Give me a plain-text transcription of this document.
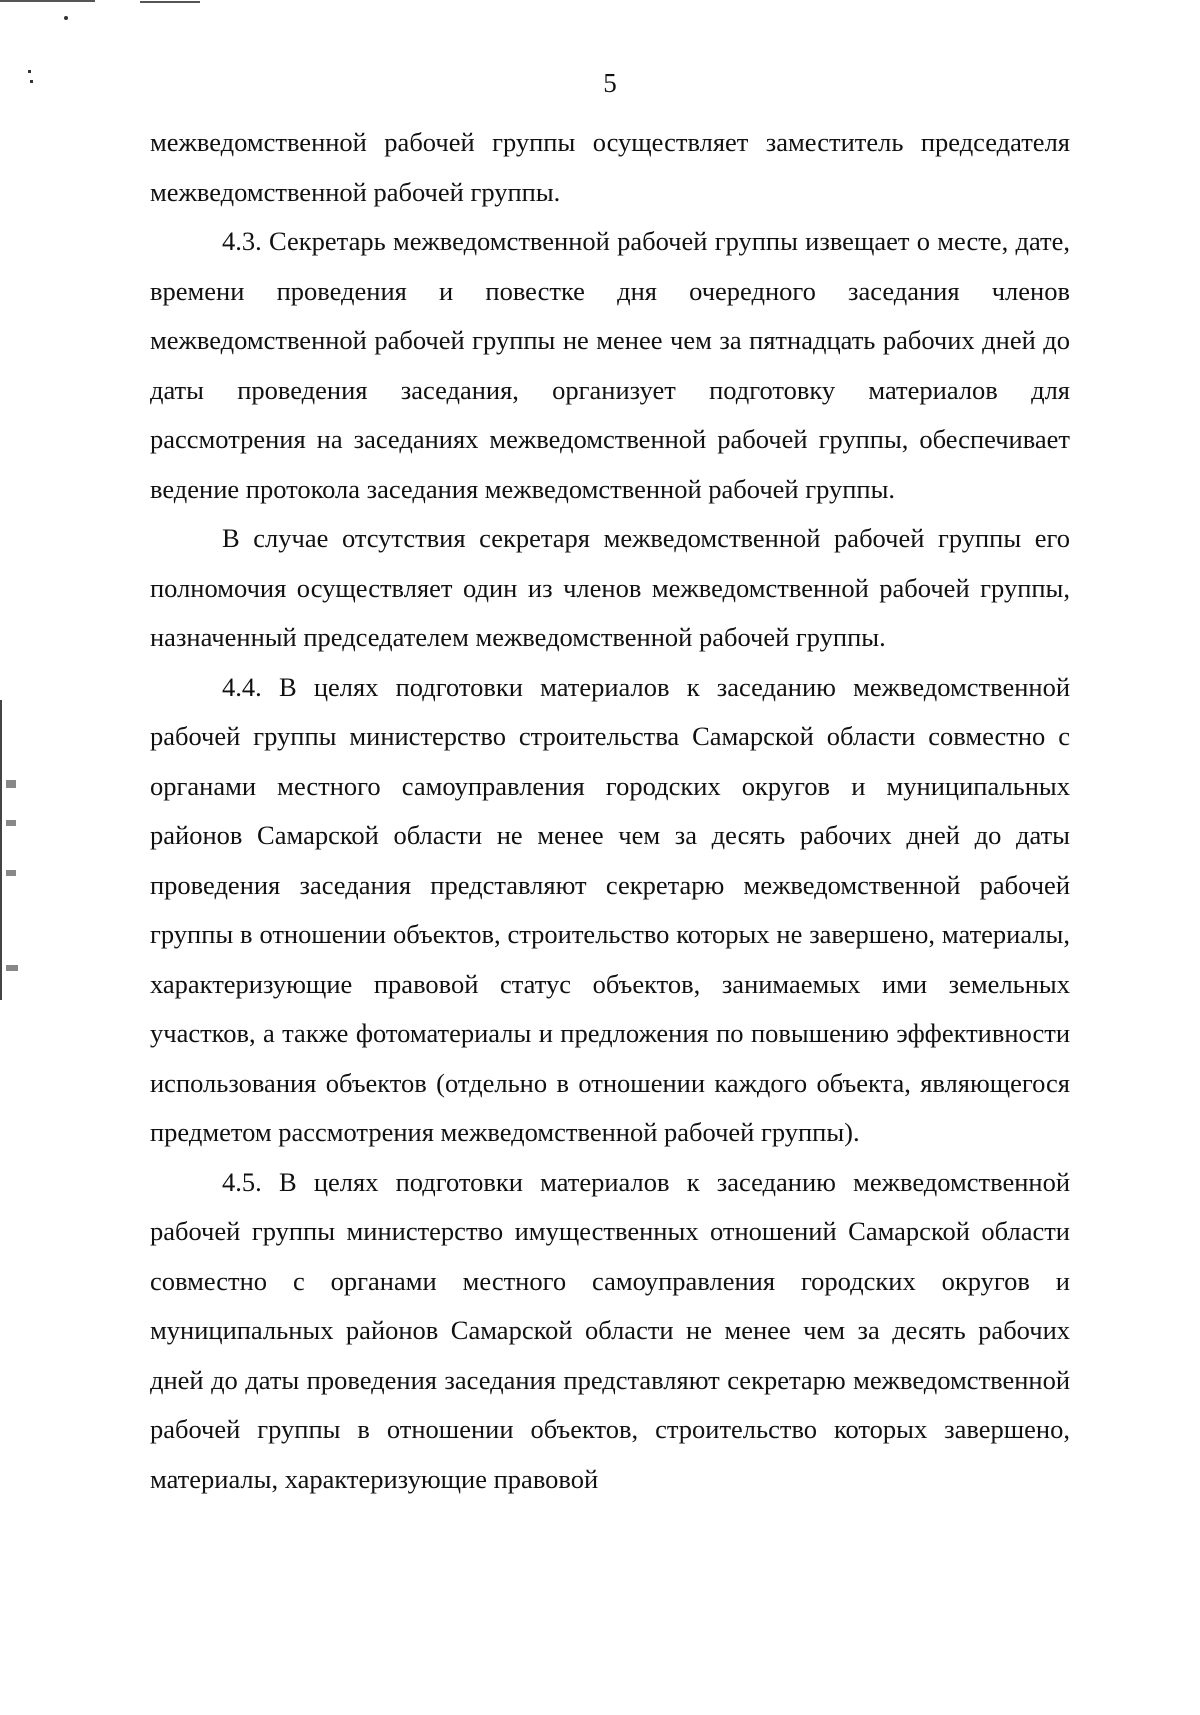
5

межведомственной рабочей группы осуществляет заместитель председателя межведомственной рабочей группы.

4.3. Секретарь межведомственной рабочей группы извещает о месте, дате, времени проведения и повестке дня очередного заседания членов межведомственной рабочей группы не менее чем за пятнадцать рабочих дней до даты проведения заседания, организует подготовку материалов для рассмотрения на заседаниях межведомственной рабочей группы, обеспечивает ведение протокола заседания межведомственной рабочей группы.

В случае отсутствия секретаря межведомственной рабочей группы его полномочия осуществляет один из членов межведомственной рабочей группы, назначенный председателем межведомственной рабочей группы.

4.4. В целях подготовки материалов к заседанию межведомственной рабочей группы министерство строительства Самарской области совместно с органами местного самоуправления городских округов и муниципальных районов Самарской области не менее чем за десять рабочих дней до даты проведения заседания представляют секретарю межведомственной рабочей группы в отношении объектов, строительство которых не завершено, материалы, характеризующие правовой статус объектов, занимаемых ими земельных участков, а также фотоматериалы и предложения по повышению эффективности использования объектов (отдельно в отношении каждого объекта, являющегося предметом рассмотрения межведомственной рабочей группы).

4.5. В целях подготовки материалов к заседанию межведомственной рабочей группы министерство имущественных отношений Самарской области совместно с органами местного самоуправления городских округов и муниципальных районов Самарской области не менее чем за десять рабочих дней до даты проведения заседания представляют секретарю межведомственной рабочей группы в отношении объектов, строительство которых завершено, материалы, характеризующие правовой
